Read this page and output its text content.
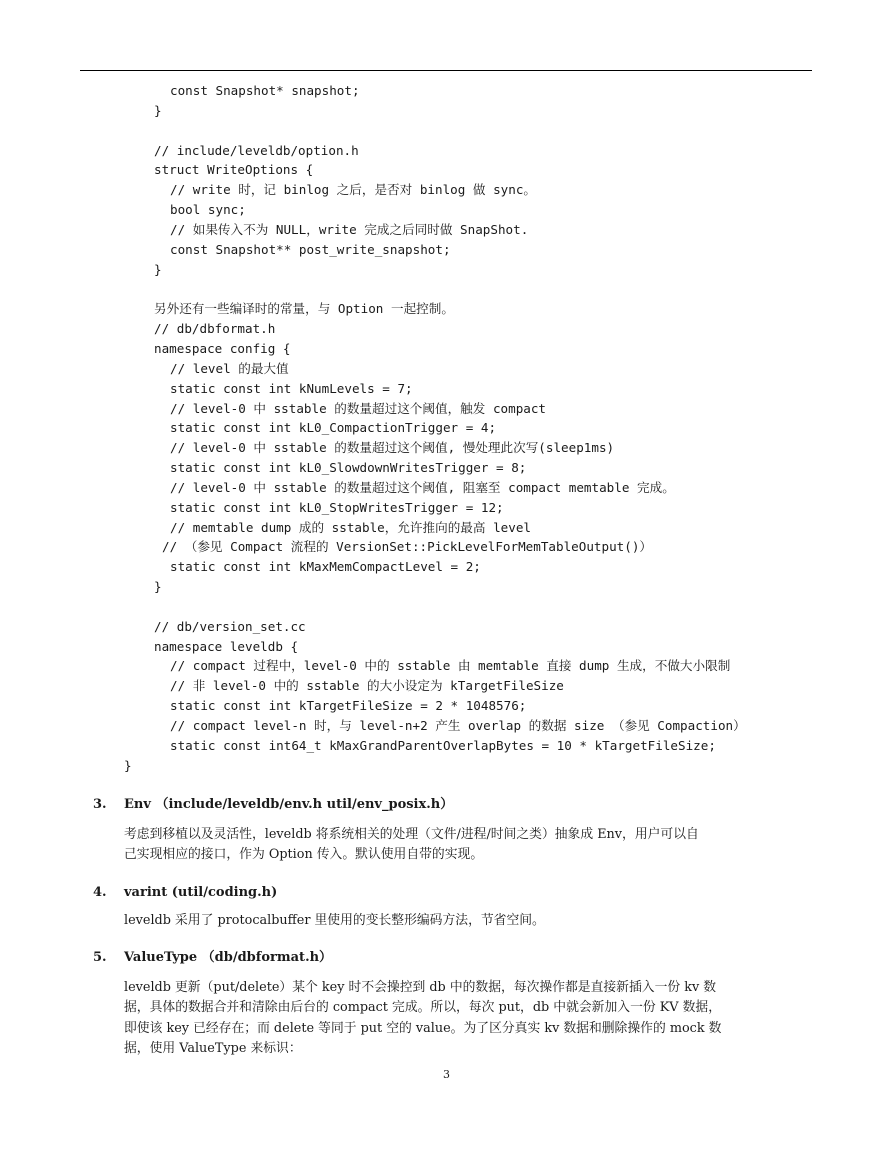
const Snapshot* snapshot;
}
// include/leveldb/option.h
struct WriteOptions {
// write 时，记 binlog 之后，是否对 binlog 做 sync。
bool sync;
// 如果传入不为 NULL，write 完成之后同时做 SnapShot.
const Snapshot** post_write_snapshot;
}
另外还有一些编译时的常量，与 Option 一起控制。
// db/dbformat.h
namespace config {
// level 的最大值
static const int kNumLevels = 7;
// level-0 中 sstable 的数量超过这个阈值，触发 compact
static const int kL0_CompactionTrigger = 4;
// level-0 中 sstable 的数量超过这个阈值, 慢处理此次写(sleep1ms)
static const int kL0_SlowdownWritesTrigger = 8;
// level-0 中 sstable 的数量超过这个阈值, 阻塞至 compact memtable 完成。
static const int kL0_StopWritesTrigger = 12;
// memtable dump 成的 sstable，允许推向的最高 level
// （参见 Compact 流程的 VersionSet::PickLevelForMemTableOutput()）
static const int kMaxMemCompactLevel = 2;
}
// db/version_set.cc
namespace leveldb {
// compact 过程中，level-0 中的 sstable 由 memtable 直接 dump 生成，不做大小限制
// 非 level-0 中的 sstable 的大小设定为 kTargetFileSize
static const int kTargetFileSize = 2 * 1048576;
// compact level-n 时，与 level-n+2 产生 overlap 的数据 size （参见 Compaction）
static const int64_t kMaxGrandParentOverlapBytes = 10 * kTargetFileSize;
}
3. Env （include/leveldb/env.h util/env_posix.h）
考虑到移植以及灵活性，leveldb 将系统相关的处理（文件/进程/时间之类）抽象成 Env，用户可以自
己实现相应的接口，作为 Option 传入。默认使用自带的实现。
4. varint (util/coding.h)
leveldb 采用了 protocalbuffer 里使用的变长整形编码方法，节省空间。
5. ValueType （db/dbformat.h）
leveldb 更新（put/delete）某个 key 时不会操控到 db 中的数据，每次操作都是直接新插入一份 kv 数
据，具体的数据合并和清除由后台的 compact 完成。所以，每次 put，db 中就会新加入一份 KV 数据，
即使该 key 已经存在；而 delete 等同于 put 空的 value。为了区分真实 kv 数据和删除操作的 mock 数
据，使用 ValueType 来标识：
3
